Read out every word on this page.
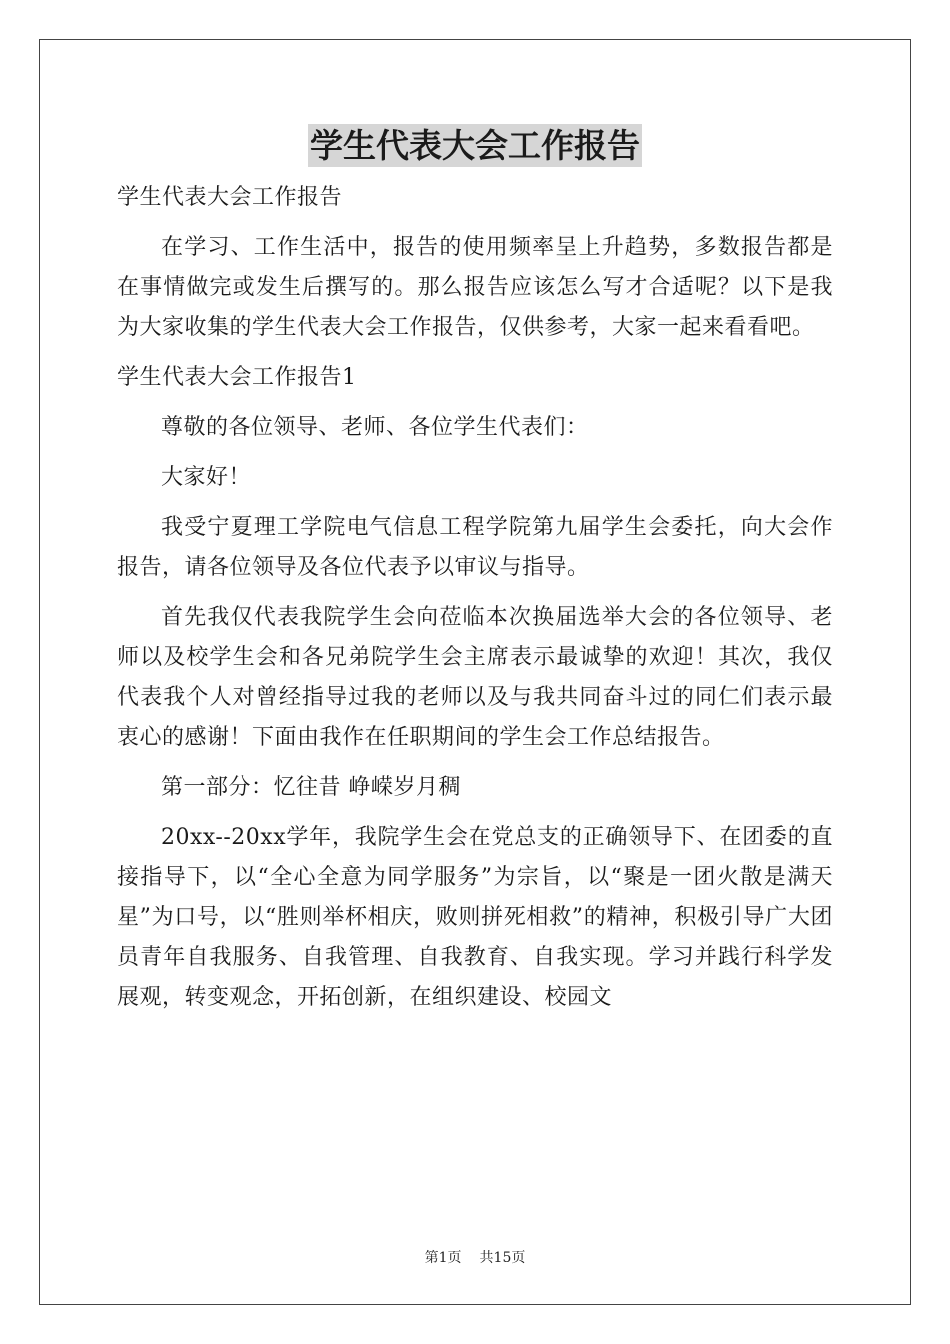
学生代表大会工作报告

学生代表大会工作报告

在学习、工作生活中，报告的使用频率呈上升趋势，多数报告都是在事情做完或发生后撰写的。那么报告应该怎么写才合适呢？以下是我为大家收集的学生代表大会工作报告，仅供参考，大家一起来看看吧。

学生代表大会工作报告1

尊敬的各位领导、老师、各位学生代表们：

大家好！

我受宁夏理工学院电气信息工程学院第九届学生会委托，向大会作报告，请各位领导及各位代表予以审议与指导。

首先我仅代表我院学生会向莅临本次换届选举大会的各位领导、老师以及校学生会和各兄弟院学生会主席表示最诚挚的欢迎！其次，我仅代表我个人对曾经指导过我的老师以及与我共同奋斗过的同仁们表示最衷心的感谢！下面由我作在任职期间的学生会工作总结报告。

第一部分：忆往昔 峥嵘岁月稠

20xx--20xx学年，我院学生会在党总支的正确领导下、在团委的直接指导下，以“全心全意为同学服务”为宗旨，以“聚是一团火散是满天星”为口号，以“胜则举杯相庆，败则拼死相救”的精神，积极引导广大团员青年自我服务、自我管理、自我教育、自我实现。学习并践行科学发展观，转变观念，开拓创新，在组织建设、校园文

第1页 共15页
